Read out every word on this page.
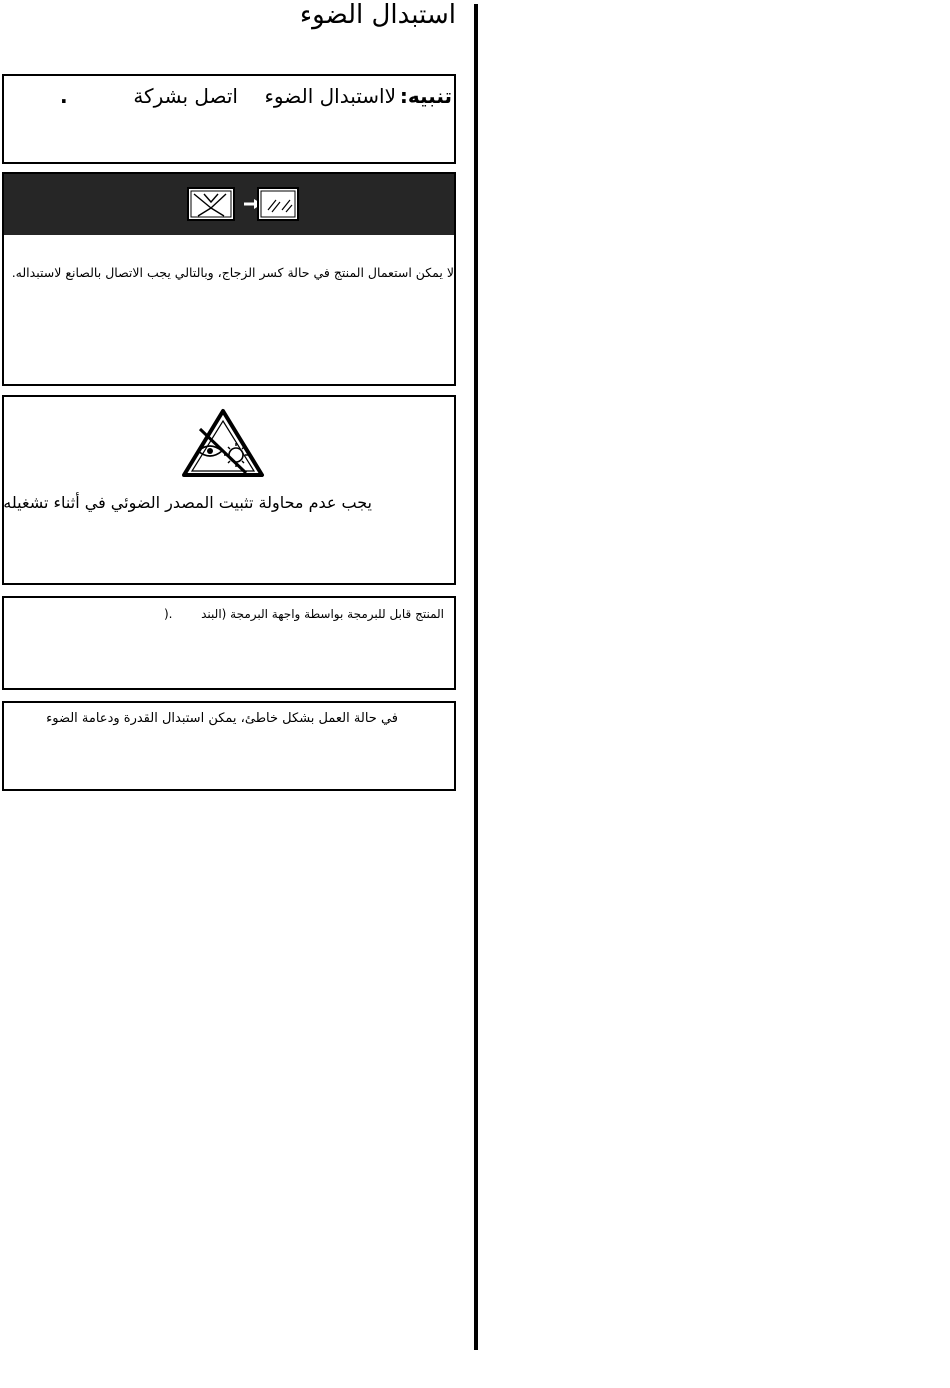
استبدال الضوء
تنبيه:
لااستبدال الضوء
اتصل بشركة
.
لا يمكن استعمال المنتج في حالة كسر الزجاج، وبالتالي يجب الاتصال بالصانع لاستبداله.
يجب عدم محاولة تثبيت المصدر الضوئي في أثناء تشغيله
المنتج قابل للبرمجة بواسطة واجهة البرمجة (البند
).
في حالة العمل بشكل خاطئ، يمكن استبدال القدرة ودعامة الضوء
